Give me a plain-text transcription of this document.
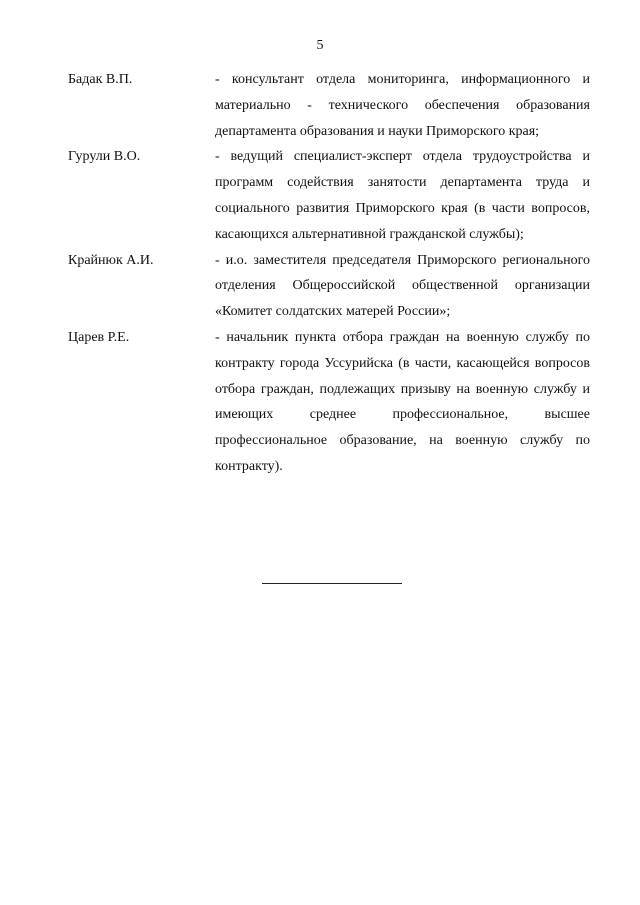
5
Бадак В.П.	- консультант отдела мониторинга, информационного и материально - технического обеспечения образования департамента образования и науки Приморского края;
Гурули В.О.	- ведущий специалист-эксперт отдела трудоустройства и программ содействия занятости департамента труда и социального развития Приморского края (в части вопросов, касающихся альтернативной гражданской службы);
Крайнюк А.И.	- и.о. заместителя председателя Приморского регионального отделения Общероссийской общественной организации «Комитет солдатских матерей России»;
Царев Р.Е.	- начальник пункта отбора граждан на военную службу по контракту города Уссурийска (в части, касающейся вопросов отбора граждан, подлежащих призыву на военную службу и имеющих среднее профессиональное, высшее профессиональное образование, на военную службу по контракту).
